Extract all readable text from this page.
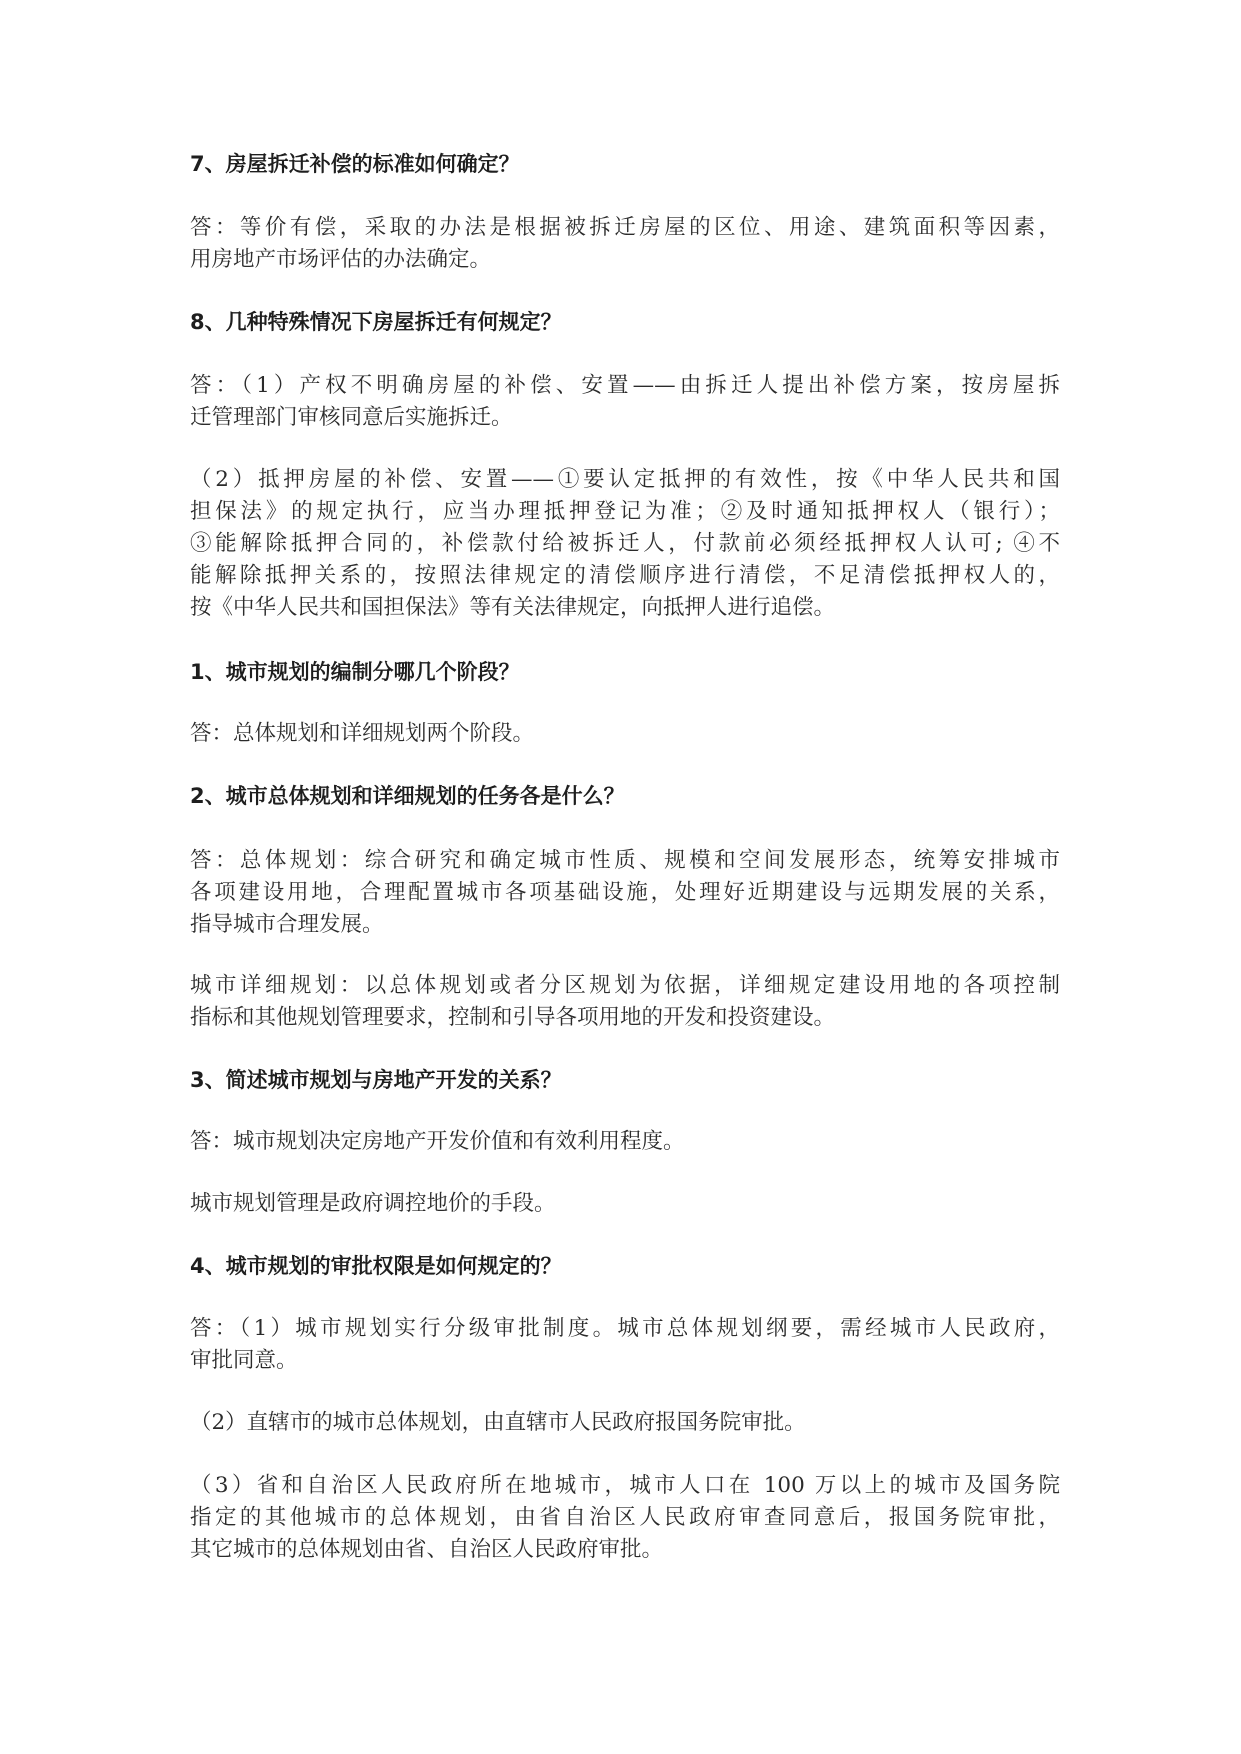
7、房屋拆迁补偿的标准如何确定？

答：等价有偿，采取的办法是根据被拆迁房屋的区位、用途、建筑面积等因素，
用房地产市场评估的办法确定。

8、几种特殊情况下房屋拆迁有何规定？

答：（1）产权不明确房屋的补偿、安置——由拆迁人提出补偿方案，按房屋拆
迁管理部门审核同意后实施拆迁。
（2）抵押房屋的补偿、安置——①要认定抵押的有效性，按《中华人民共和国
担保法》的规定执行，应当办理抵押登记为准；②及时通知抵押权人（银行）；
③能解除抵押合同的，补偿款付给被拆迁人，付款前必须经抵押权人认可; ④不
能解除抵押关系的，按照法律规定的清偿顺序进行清偿，不足清偿抵押权人的，
按《中华人民共和国担保法》等有关法律规定，向抵押人进行追偿。

1、城市规划的编制分哪几个阶段？

答：总体规划和详细规划两个阶段。

2、城市总体规划和详细规划的任务各是什么？

答：总体规划：综合研究和确定城市性质、规模和空间发展形态，统筹安排城市
各项建设用地，合理配置城市各项基础设施，处理好近期建设与远期发展的关系，
指导城市合理发展。
城市详细规划：以总体规划或者分区规划为依据，详细规定建设用地的各项控制
指标和其他规划管理要求，控制和引导各项用地的开发和投资建设。

3、简述城市规划与房地产开发的关系？

答：城市规划决定房地产开发价值和有效利用程度。
城市规划管理是政府调控地价的手段。

4、城市规划的审批权限是如何规定的？

答：（1）城市规划实行分级审批制度。城市总体规划纲要，需经城市人民政府，
审批同意。
（2）直辖市的城市总体规划，由直辖市人民政府报国务院审批。
（3）省和自治区人民政府所在地城市，城市人口在 100 万以上的城市及国务院
指定的其他城市的总体规划，由省自治区人民政府审查同意后，报国务院审批，
其它城市的总体规划由省、自治区人民政府审批。
